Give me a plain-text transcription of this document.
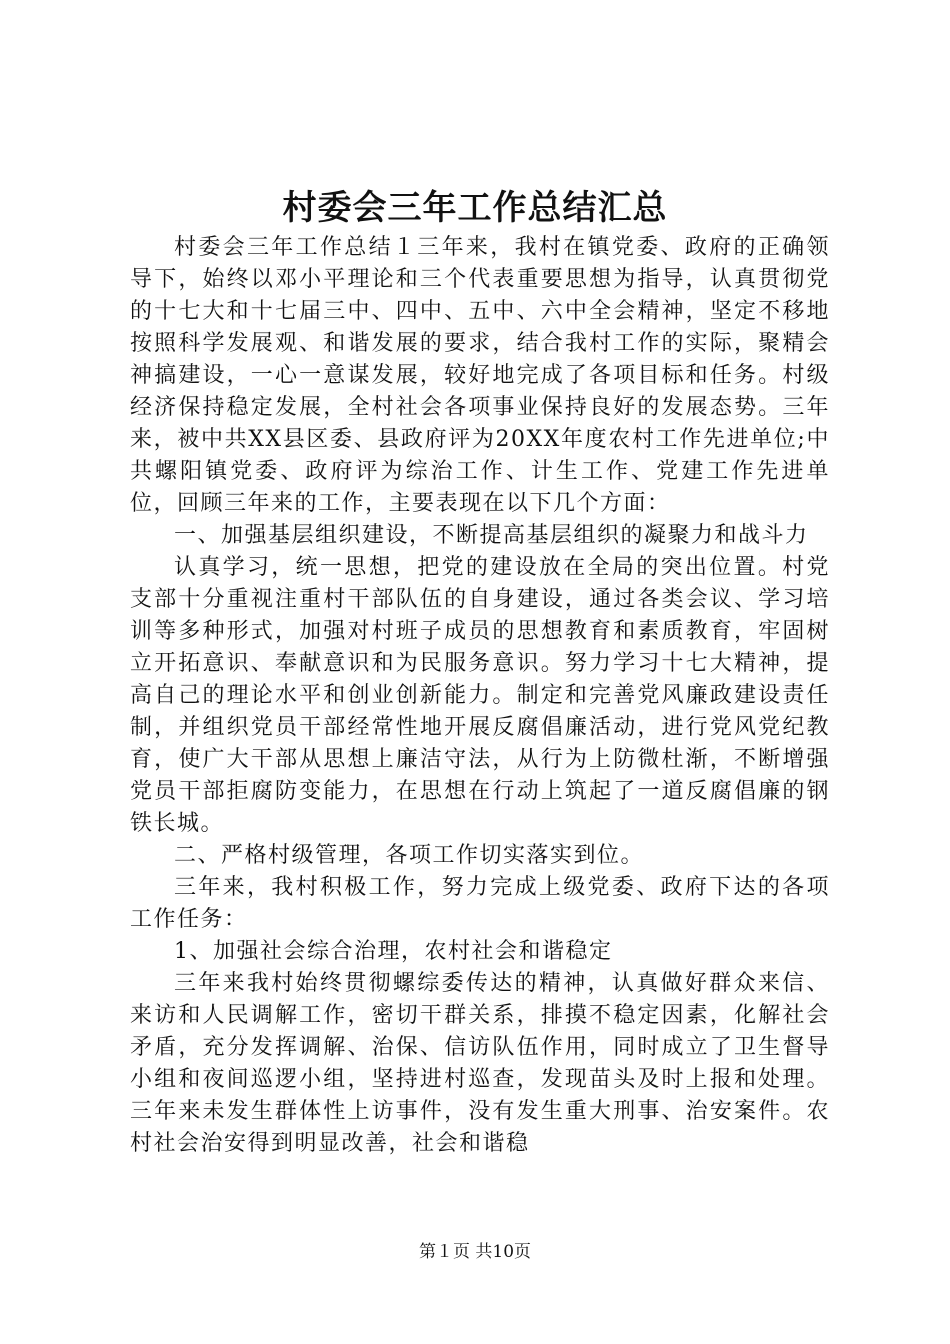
村委会三年工作总结汇总

村委会三年工作总结１三年来，我村在镇党委、政府的正确领导下，始终以邓小平理论和三个代表重要思想为指导，认真贯彻党的十七大和十七届三中、四中、五中、六中全会精神，坚定不移地按照科学发展观、和谐发展的要求，结合我村工作的实际，聚精会神搞建设，一心一意谋发展，较好地完成了各项目标和任务。村级经济保持稳定发展，全村社会各项事业保持良好的发展态势。三年来，被中共XX县区委、县政府评为20XX年度农村工作先进单位;中共螺阳镇党委、政府评为综治工作、计生工作、党建工作先进单位，回顾三年来的工作，主要表现在以下几个方面：

一、加强基层组织建设，不断提高基层组织的凝聚力和战斗力

认真学习，统一思想，把党的建设放在全局的突出位置。村党支部十分重视注重村干部队伍的自身建设，通过各类会议、学习培训等多种形式，加强对村班子成员的思想教育和素质教育，牢固树立开拓意识、奉献意识和为民服务意识。努力学习十七大精神，提高自己的理论水平和创业创新能力。制定和完善党风廉政建设责任制，并组织党员干部经常性地开展反腐倡廉活动，进行党风党纪教育，使广大干部从思想上廉洁守法，从行为上防微杜渐，不断增强党员干部拒腐防变能力，在思想在行动上筑起了一道反腐倡廉的钢铁长城。

二、严格村级管理，各项工作切实落实到位。

三年来，我村积极工作，努力完成上级党委、政府下达的各项工作任务：

1、加强社会综合治理，农村社会和谐稳定

三年来我村始终贯彻螺综委传达的精神，认真做好群众来信、来访和人民调解工作，密切干群关系，排摸不稳定因素，化解社会矛盾，充分发挥调解、治保、信访队伍作用，同时成立了卫生督导小组和夜间巡逻小组，坚持进村巡查，发现苗头及时上报和处理。三年来未发生群体性上访事件，没有发生重大刑事、治安案件。农村社会治安得到明显改善，社会和谐稳

第１页 共10页
